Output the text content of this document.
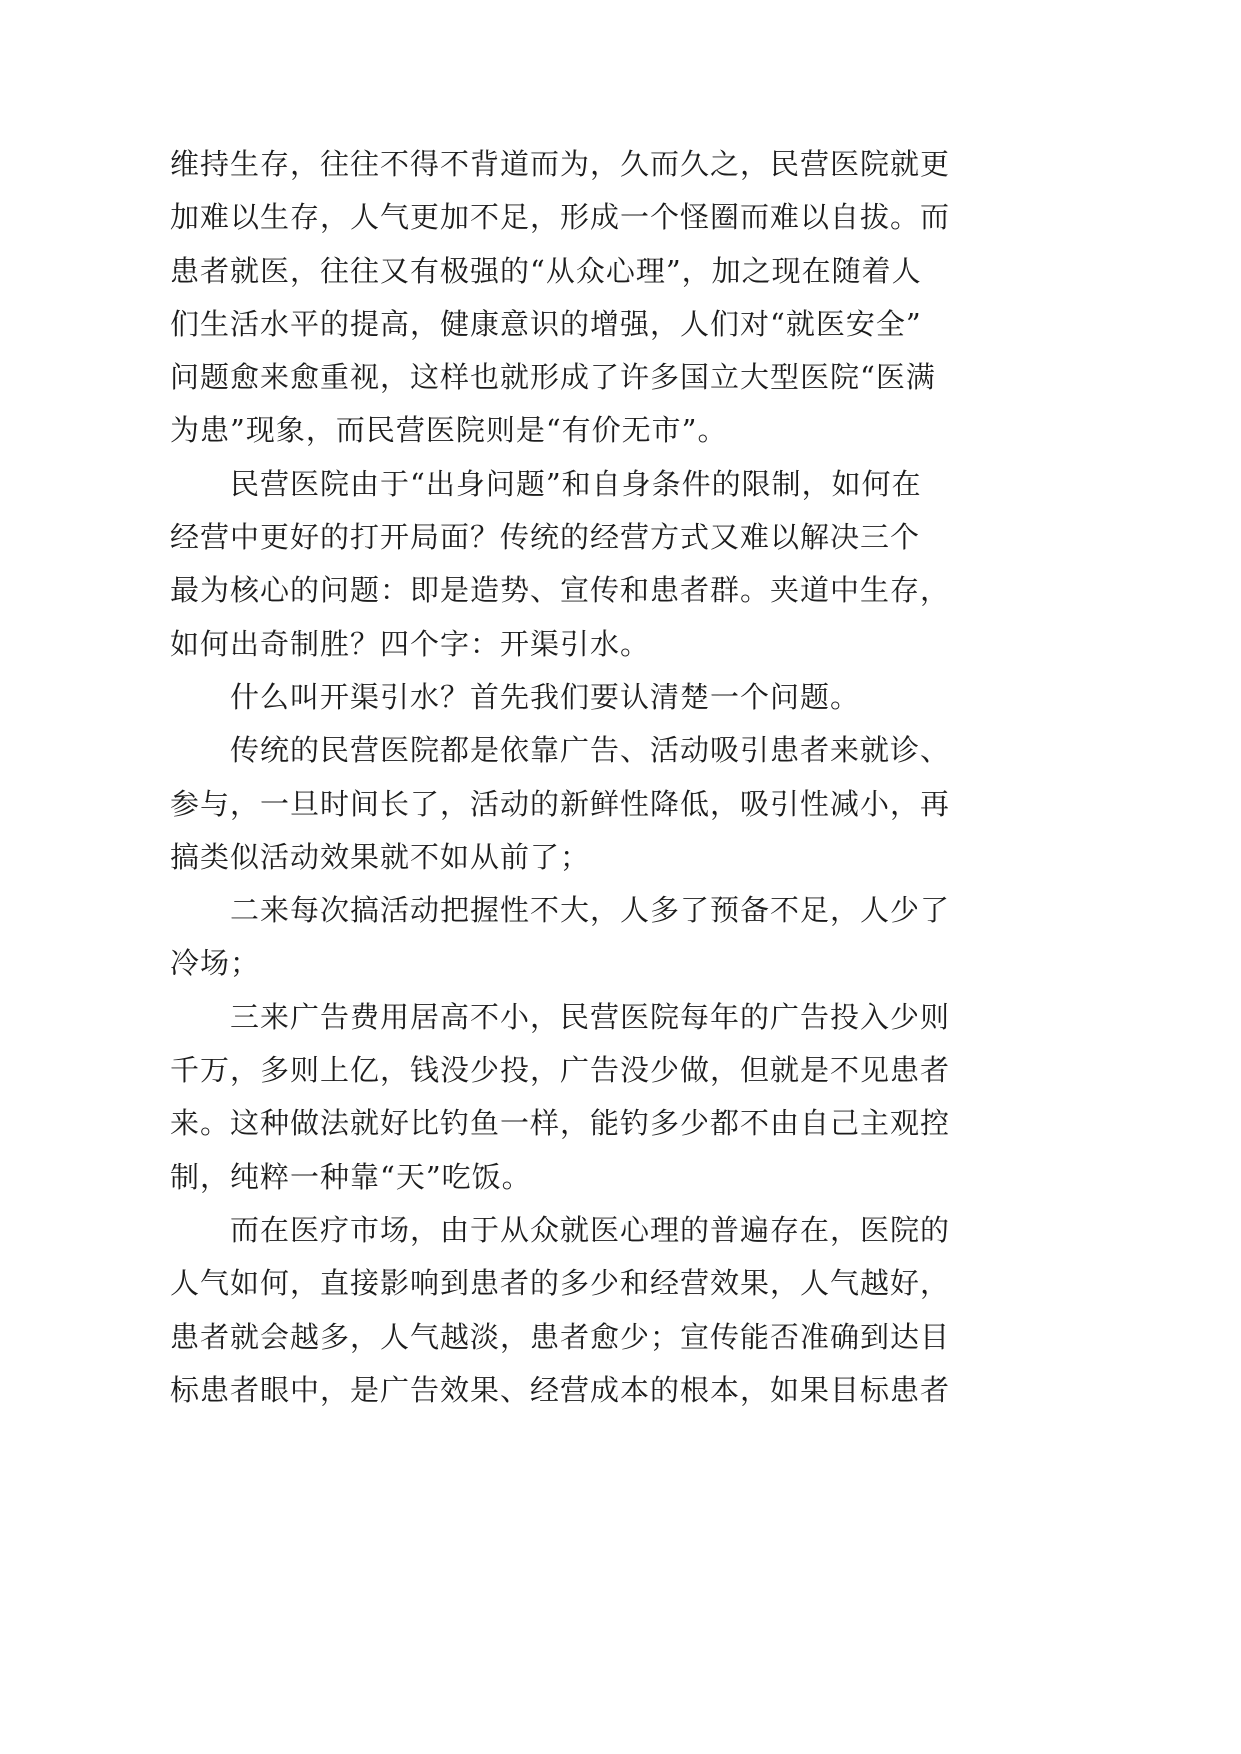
维持生存，往往不得不背道而为，久而久之，民营医院就更
加难以生存，人气更加不足，形成一个怪圈而难以自拔。而
患者就医，往往又有极强的“从众心理”，加之现在随着人
们生活水平的提高，健康意识的增强，人们对“就医安全”
问题愈来愈重视，这样也就形成了许多国立大型医院“医满
为患”现象，而民营医院则是“有价无市”。
民营医院由于“出身问题”和自身条件的限制，如何在
经营中更好的打开局面？传统的经营方式又难以解决三个
最为核心的问题：即是造势、宣传和患者群。夹道中生存，
如何出奇制胜？四个字：开渠引水。
什么叫开渠引水？首先我们要认清楚一个问题。
传统的民营医院都是依靠广告、活动吸引患者来就诊、
参与，一旦时间长了，活动的新鲜性降低，吸引性减小，再
搞类似活动效果就不如从前了；
二来每次搞活动把握性不大，人多了预备不足，人少了
冷场；
三来广告费用居高不小，民营医院每年的广告投入少则
千万，多则上亿，钱没少投，广告没少做，但就是不见患者
来。这种做法就好比钓鱼一样，能钓多少都不由自己主观控
制，纯粹一种靠“天”吃饭。
而在医疗市场，由于从众就医心理的普遍存在，医院的
人气如何，直接影响到患者的多少和经营效果，人气越好，
患者就会越多，人气越淡，患者愈少；宣传能否准确到达目
标患者眼中，是广告效果、经营成本的根本，如果目标患者
